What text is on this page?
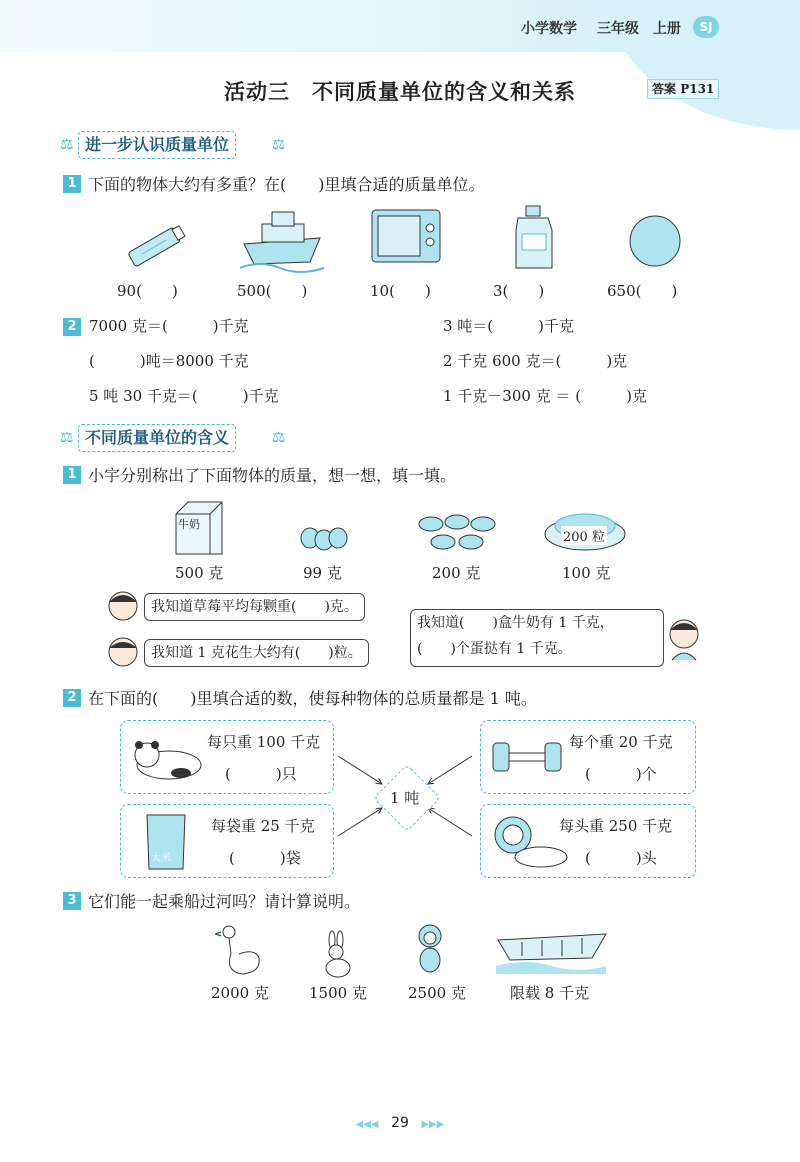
小学数学 三年级 上册	SJ
活动三　不同质量单位的含义和关系	答案 P131
⚖ 进一步认识质量单位	⚖
1 下面的物体大约有多重？在(　　)里填合适的质量单位。
90(　　)	500(　　)	10(　　)	3(　　)	650(　　)
2 7000 克＝(　　　)千克	3 吨＝(　　　)千克
(　　　)吨＝8000 千克	2 千克 600 克＝(　　　)克
5 吨 30 千克＝(　　　)千克	1 千克－300 克 ＝ (　　　)克
⚖ 不同质量单位的含义	⚖
1 小宇分别称出了下面物体的质量，想一想，填一填。
牛奶
200 粒
500 克	99 克	200 克	100 克
我知道草莓平均每颗重(　　)克。
我知道 1 克花生大约有(　　)粒。
我知道(　　)盒牛奶有 1 千克，
(　　)个蛋挞有 1 千克。
2 在下面的(　　)里填合适的数，使每种物体的总质量都是 1 吨。
每只重 100 千克
(　　　)只
每个重 20 千克
(　　　)个
大米
每袋重 25 千克
(　　　)袋
每头重 250 千克
(　　　)头
1 吨
3 它们能一起乘船过河吗？请计算说明。
2000 克	1500 克	2500 克	限载 8 千克
◀◀◀ 29 ▶▶▶
